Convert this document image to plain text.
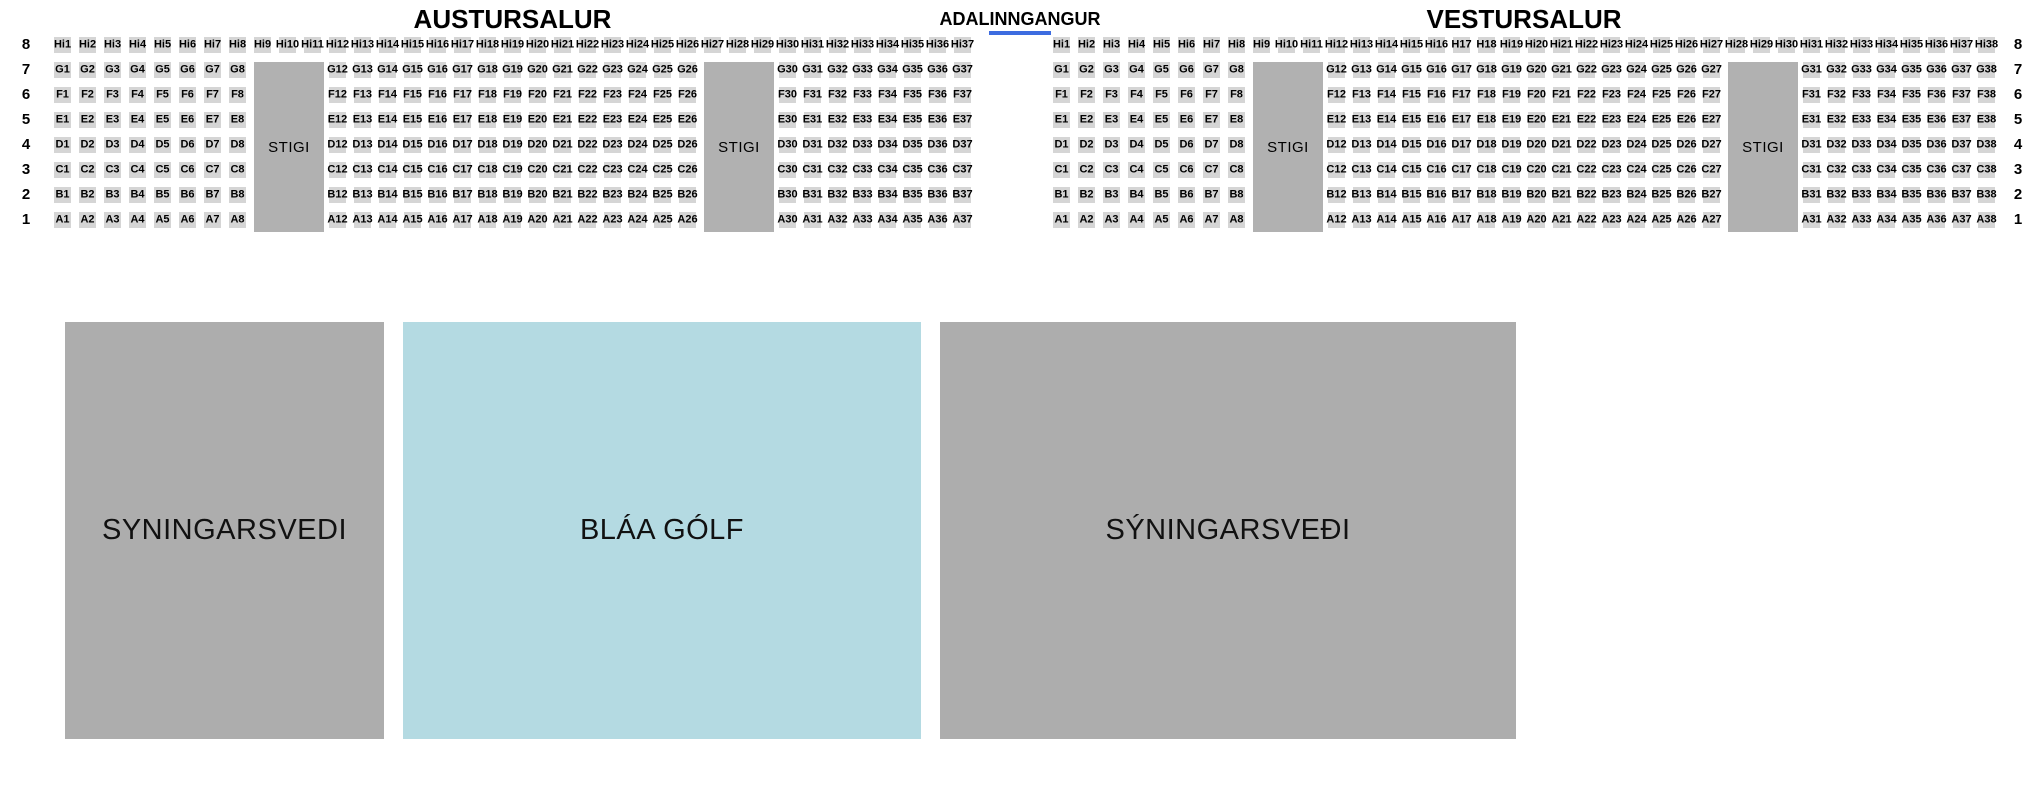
AUSTURSALUR	ADALINNGANGUR	VESTURSALUR
Hi1 Hi2 Hi3 Hi4 Hi5 Hi6 Hi7 Hi8 Hi9 Hi10 Hi11 Hi12 Hi13 Hi14 Hi15 Hi16 Hi17 Hi18 Hi19 Hi20 Hi21 Hi22 Hi23 Hi24 Hi25 Hi26 Hi27 Hi28 Hi29 Hi30 Hi31 Hi32 Hi33 Hi34 Hi35 Hi36 Hi37
G1 G2 G3 G4 G5 G6 G7 G8	G12 G13 G14 G15 G16 G17 G18 G19 G20 G21 G22 G23 G24 G25 G26	G30 G31 G32 G33 G34 G35 G36 G37
F1 F2 F3 F4 F5 F6 F7 F8	F12 F13 F14 F15 F16 F17 F18 F19 F20 F21 F22 F23 F24 F25 F26	F30 F31 F32 F33 F34 F35 F36 F37
E1 E2 E3 E4 E5 E6 E7 E8	E12 E13 E14 E15 E16 E17 E18 E19 E20 E21 E22 E23 E24 E25 E26	E30 E31 E32 E33 E34 E35 E36 E37
D1 D2 D3 D4 D5 D6 D7 D8	D12 D13 D14 D15 D16 D17 D18 D19 D20 D21 D22 D23 D24 D25 D26	D30 D31 D32 D33 D34 D35 D36 D37
C1 C2 C3 C4 C5 C6 C7 C8	C12 C13 C14 C15 C16 C17 C18 C19 C20 C21 C22 C23 C24 C25 C26	C30 C31 C32 C33 C34 C35 C36 C37
B1 B2 B3 B4 B5 B6 B7 B8	B12 B13 B14 B15 B16 B17 B18 B19 B20 B21 B22 B23 B24 B25 B26	B30 B31 B32 B33 B34 B35 B36 B37
A1 A2 A3 A4 A5 A6 A7 A8	A12 A13 A14 A15 A16 A17 A18 A19 A20 A21 A22 A23 A24 A25 A26	A30 A31 A32 A33 A34 A35 A36 A37
STIGI	STIGI
Hi1 Hi2 Hi3 Hi4 Hi5 Hi6 Hi7 Hi8 Hi9 Hi10 Hi11 Hi12 Hi13 Hi14 Hi15 Hi16 H17 H18 Hi19 Hi20 Hi21 Hi22 Hi23 Hi24 Hi25 Hi26 Hi27 Hi28 Hi29 Hi30 Hi31 Hi32 Hi33 Hi34 Hi35 Hi36 Hi37 Hi38
G1 G2 G3 G4 G5 G6 G7 G8	G12 G13 G14 G15 G16 G17 G18 G19 G20 G21 G22 G23 G24 G25 G26 G27	G31 G32 G33 G34 G35 G36 G37 G38
F1 F2 F3 F4 F5 F6 F7 F8	F12 F13 F14 F15 F16 F17 F18 F19 F20 F21 F22 F23 F24 F25 F26 F27	F31 F32 F33 F34 F35 F36 F37 F38
E1 E2 E3 E4 E5 E6 E7 E8	E12 E13 E14 E15 E16 E17 E18 E19 E20 E21 E22 E23 E24 E25 E26 E27	E31 E32 E33 E34 E35 E36 E37 E38
D1 D2 D3 D4 D5 D6 D7 D8	D12 D13 D14 D15 D16 D17 D18 D19 D20 D21 D22 D23 D24 D25 D26 D27	D31 D32 D33 D34 D35 D36 D37 D38
C1 C2 C3 C4 C5 C6 C7 C8	C12 C13 C14 C15 C16 C17 C18 C19 C20 C21 C22 C23 C24 C25 C26 C27	C31 C32 C33 C34 C35 C36 C37 C38
B1 B2 B3 B4 B5 B6 B7 B8	B12 B13 B14 B15 B16 B17 B18 B19 B20 B21 B22 B23 B24 B25 B26 B27	B31 B32 B33 B34 B35 B36 B37 B38
A1 A2 A3 A4 A5 A6 A7 A8	A12 A13 A14 A15 A16 A17 A18 A19 A20 A21 A22 A23 A24 A25 A26 A27	A31 A32 A33 A34 A35 A36 A37 A38
STIGI	STIGI
8
7
6
5
4
3
2
1
8
7
6
5
4
3
2
1
SYNINGARSVEDI	BLÁA GÓLF	SÝNINGARSVEÐI
